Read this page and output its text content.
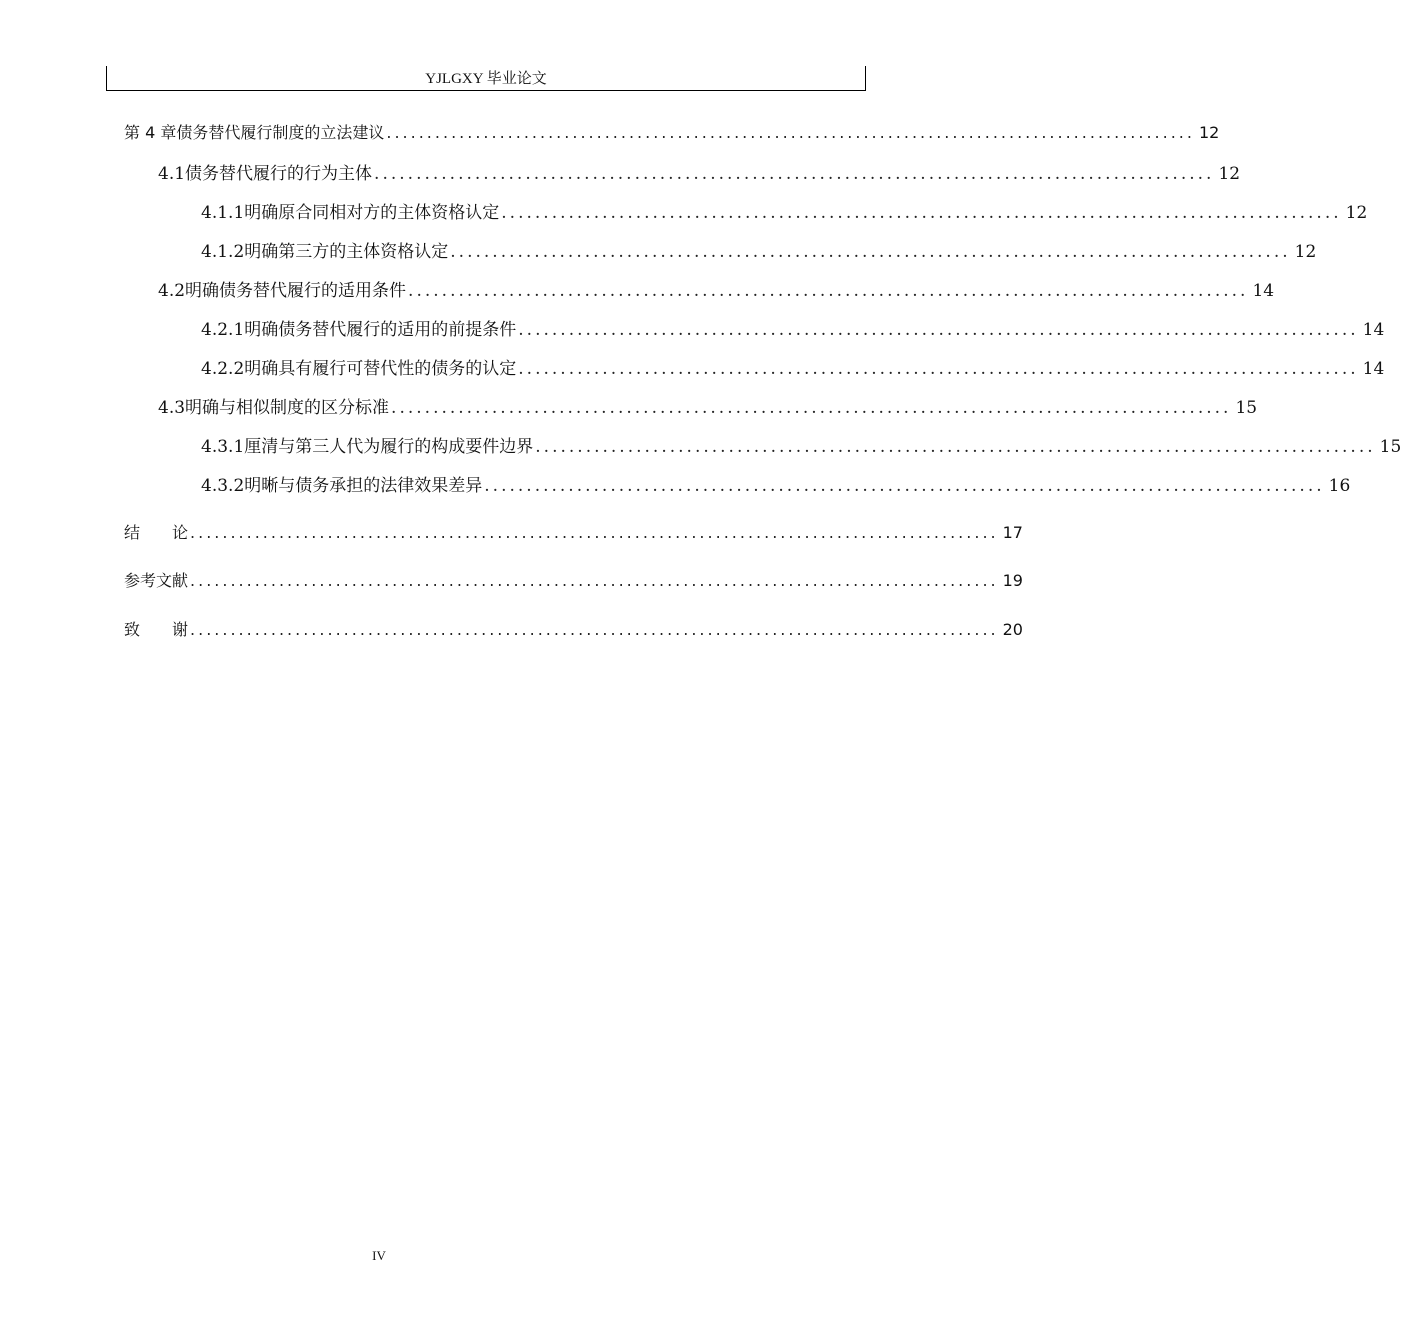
YJLGXY 毕业论文
第 4 章 债务替代履行制度的立法建议 .................................................................................................... 12
4.1 债务替代履行的行为主体 .................................................................................................... 12
4.1.1 明确原合同相对方的主体资格认定 .................................................................................................... 12
4.1.2 明确第三方的主体资格认定 .................................................................................................... 12
4.2 明确债务替代履行的适用条件 .................................................................................................... 14
4.2.1 明确债务替代履行的适用的前提条件 .................................................................................................... 14
4.2.2 明确具有履行可替代性的债务的认定 .................................................................................................... 14
4.3 明确与相似制度的区分标准 .................................................................................................... 15
4.3.1 厘清与第三人代为履行的构成要件边界 .................................................................................................... 15
4.3.2 明晰与债务承担的法律效果差异 .................................................................................................... 16
结　　论 .................................................................................................... 17
参考文献 .................................................................................................... 19
致　　谢 .................................................................................................... 20
IV
